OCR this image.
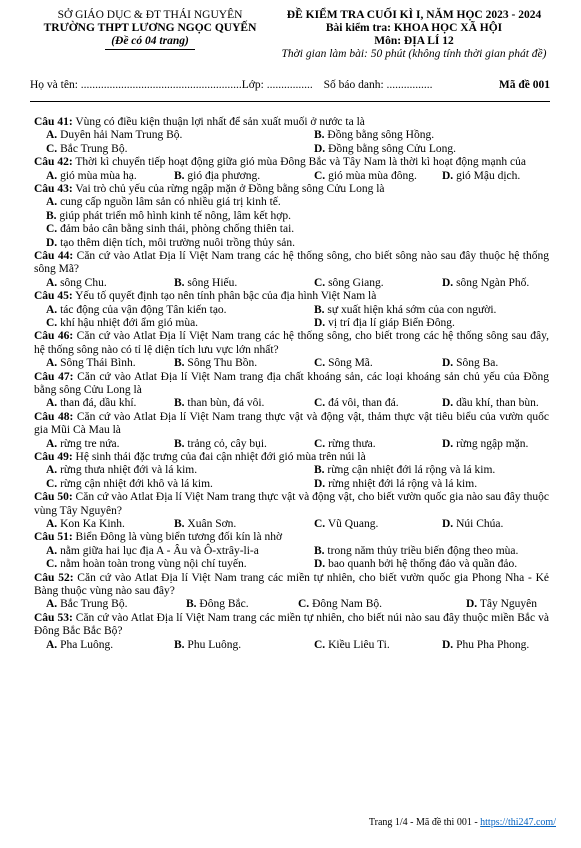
SỞ GIÁO DỤC & ĐT THÁI NGUYÊN
TRƯỜNG THPT LƯƠNG NGỌC QUYẾN
(Đề có 04 trang)
ĐỀ KIỂM TRA CUỐI KÌ I, NĂM HỌC 2023 - 2024
Bài kiểm tra: KHOA HỌC XÃ HỘI
Môn: ĐỊA LÍ 12
Thời gian làm bài: 50 phút (không tính thời gian phát đề)
Họ và tên: ........................................................Lớp: ................ Số báo danh: ................	Mã đề 001
Câu 41: Vùng có điều kiện thuận lợi nhất để sản xuất muối ở nước ta là
A. Duyên hải Nam Trung Bộ.	B. Đồng bằng sông Hồng.
C. Bắc Trung Bộ.	D. Đồng bằng sông Cửu Long.
Câu 42: Thời kì chuyển tiếp hoạt động giữa gió mùa Đông Bắc và Tây Nam là thời kì hoạt động mạnh của
A. gió mùa mùa hạ.	B. gió địa phương.	C. gió mùa mùa đông. D. gió Mậu dịch.
Câu 43: Vai trò chủ yếu của rừng ngập mặn ở Đồng bằng sông Cửu Long là
A. cung cấp nguồn lâm sản có nhiều giá trị kinh tế.
B. giúp phát triển mô hình kinh tế nông, lâm kết hợp.
C. đảm bảo cân bằng sinh thái, phòng chống thiên tai.
D. tạo thêm diện tích, môi trường nuôi trồng thủy sản.
Câu 44: Căn cứ vào Atlat Địa lí Việt Nam trang các hệ thống sông, cho biết sông nào sau đây thuộc hệ thống sông Mã?
A. sông Chu.	B. sông Hiếu.	C. sông Giang.	D. sông Ngàn Phố.
Câu 45: Yếu tố quyết định tạo nên tính phân bậc của địa hình Việt Nam là
A. tác động của vận động Tân kiến tạo.	B. sự xuất hiện khá sớm của con người.
C. khí hậu nhiệt đới ẩm gió mùa.	D. vị trí địa lí giáp Biển Đông.
Câu 46: Căn cứ vào Atlat Địa lí Việt Nam trang các hệ thống sông, cho biết trong các hệ thống sông sau đây, hệ thống sông nào có tỉ lệ diện tích lưu vực lớn nhất?
A. Sông Thái Bình.	B. Sông Thu Bồn.	C. Sông Mã.	D. Sông Ba.
Câu 47: Căn cứ vào Atlat Địa lí Việt Nam trang địa chất khoáng sản, các loại khoáng sản chủ yếu của Đồng bằng sông Cửu Long là
A. than đá, dầu khí.	B. than bùn, đá vôi.	C. đá vôi, than đá.	D. dầu khí, than bùn.
Câu 48: Căn cứ vào Atlat Địa lí Việt Nam trang thực vật và động vật, thảm thực vật tiêu biểu của vườn quốc gia Mũi Cà Mau là
A. rừng tre nứa.	B. trảng cỏ, cây bụi.	C. rừng thưa.	D. rừng ngập mặn.
Câu 49: Hệ sinh thái đặc trưng của đai cận nhiệt đới gió mùa trên núi là
A. rừng thưa nhiệt đới và lá kim.	B. rừng cận nhiệt đới lá rộng và lá kim.
C. rừng cận nhiệt đới khô và lá kim.	D. rừng nhiệt đới lá rộng và lá kim.
Câu 50: Căn cứ vào Atlat Địa lí Việt Nam trang thực vật và động vật, cho biết vườn quốc gia nào sau đây thuộc vùng Tây Nguyên?
A. Kon Ka Kinh.	B. Xuân Sơn.	C. Vũ Quang.	D. Núi Chúa.
Câu 51: Biển Đông là vùng biển tương đối kín là nhờ
A. nằm giữa hai lục địa A - Âu và Ô-xtrây-li-a	B. trong năm thủy triều biến động theo mùa.
C. nằm hoàn toàn trong vùng nội chí tuyến.	D. bao quanh bởi hệ thống đảo và quần đảo.
Câu 52: Căn cứ vào Atlat Địa lí Việt Nam trang các miền tự nhiên, cho biết vườn quốc gia Phong Nha - Kẻ Bàng thuộc vùng nào sau đây?
A. Bắc Trung Bộ.	B. Đông Bắc.	C. Đông Nam Bộ.	D. Tây Nguyên
Câu 53: Căn cứ vào Atlat Địa lí Việt Nam trang các miền tự nhiên, cho biết núi nào sau đây thuộc miền Bắc và Đông Bắc Bắc Bộ?
A. Pha Luông.	B. Phu Luông.	C. Kiều Liêu Ti.	D. Phu Pha Phong.
Trang 1/4 - Mã đề thi 001 - https://thi247.com/
